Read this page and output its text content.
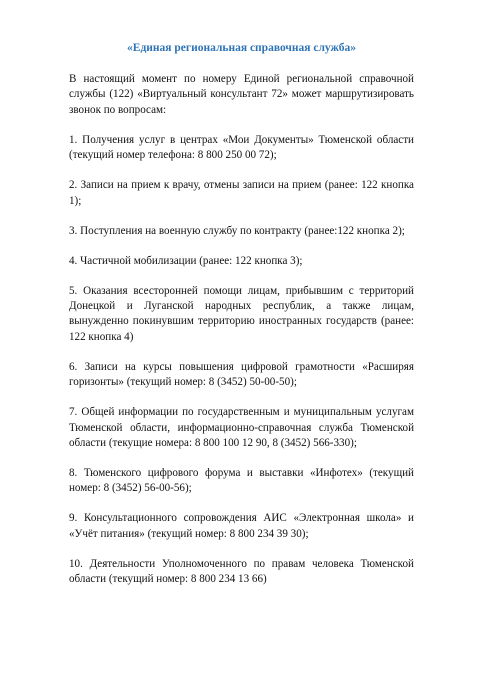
«Единая региональная справочная служба»

В настоящий момент по номеру Единой региональной справочной службы (122) «Виртуальный консультант 72» может маршрутизировать звонок по вопросам:

1. Получения услуг в центрах «Мои Документы» Тюменской области (текущий номер телефона: 8 800 250 00 72);

2. Записи на прием к врачу, отмены записи на прием (ранее: 122 кнопка 1);

3. Поступления на военную службу по контракту (ранее:122 кнопка 2);

4. Частичной мобилизации (ранее: 122 кнопка 3);

5. Оказания всесторонней помощи лицам, прибывшим с территорий Донецкой и Луганской народных республик, а также лицам, вынужденно покинувшим территорию иностранных государств (ранее: 122 кнопка 4)

6. Записи на курсы повышения цифровой грамотности «Расширяя горизонты» (текущий номер: 8 (3452) 50-00-50);

7. Общей информации по государственным и муниципальным услугам Тюменской области, информационно-справочная служба Тюменской области (текущие номера: 8 800 100 12 90, 8 (3452) 566-330);

8. Тюменского цифрового форума и выставки «Инфотех» (текущий номер: 8 (3452) 56-00-56);

9. Консультационного сопровождения АИС «Электронная школа» и «Учёт питания» (текущий номер: 8 800 234 39 30);

10. Деятельности Уполномоченного по правам человека Тюменской области (текущий номер: 8 800 234 13 66)
